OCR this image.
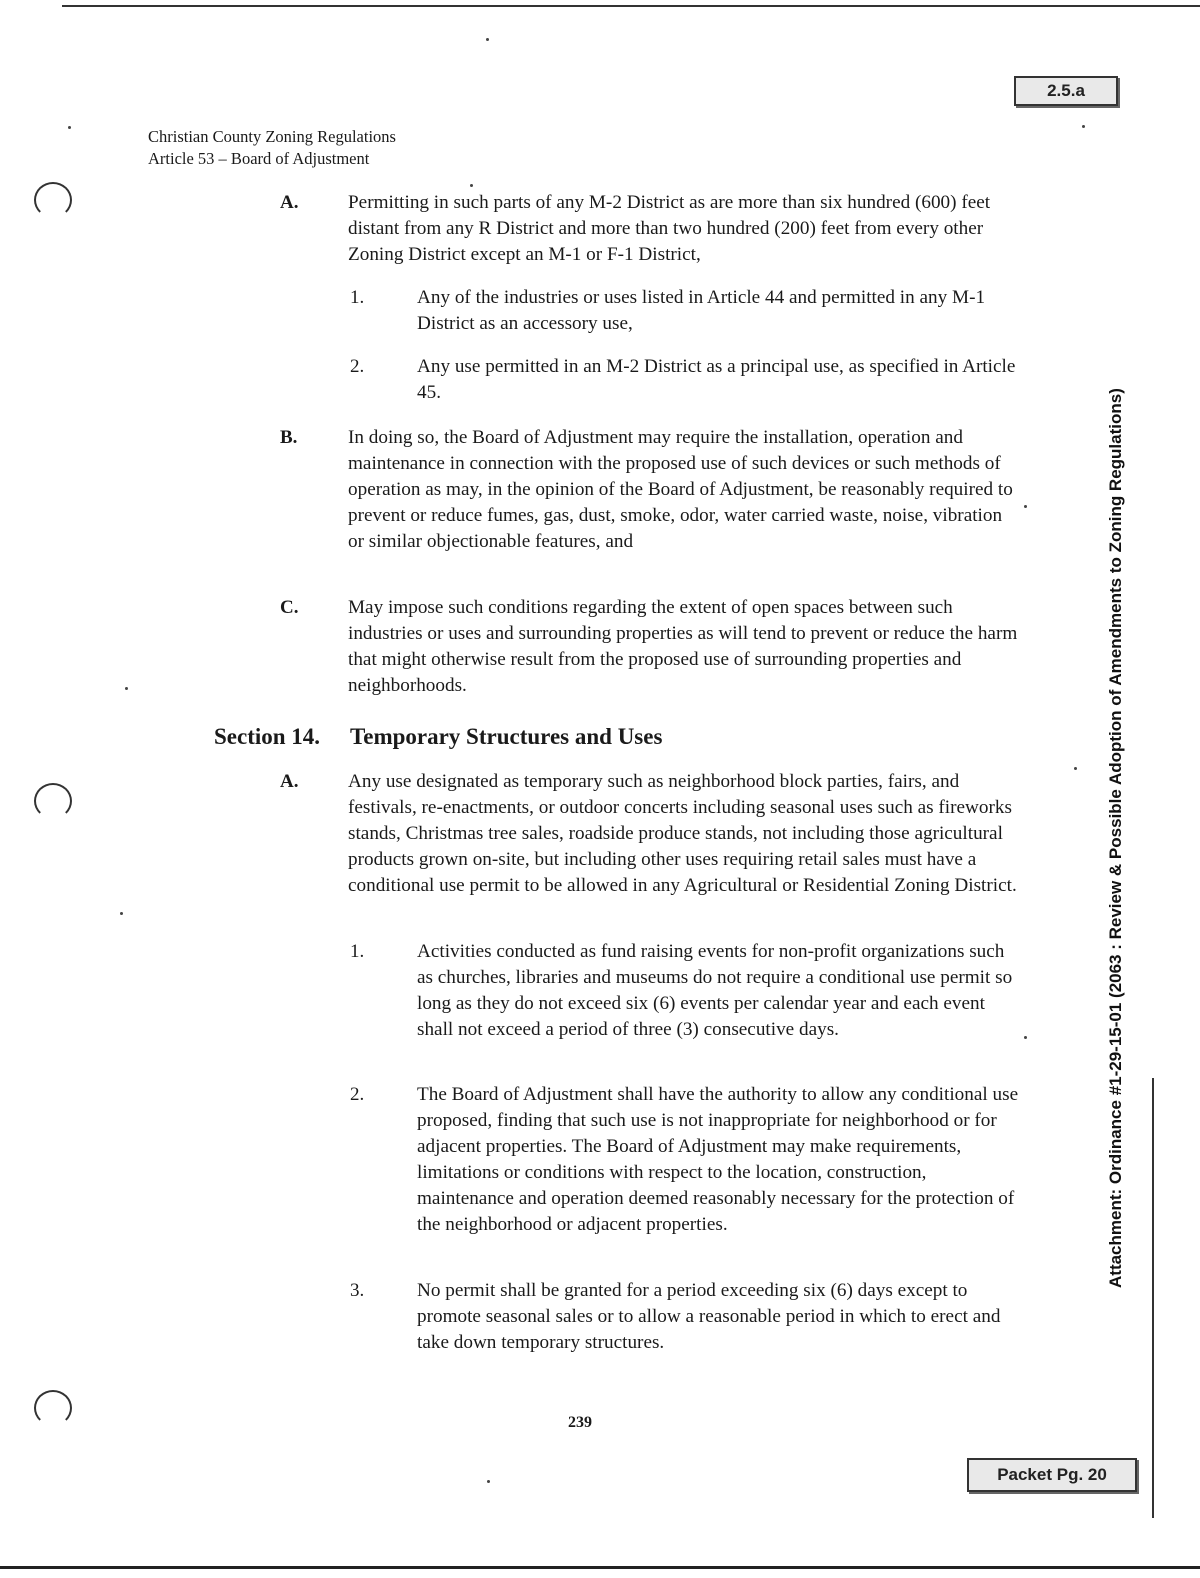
2.5.a
Attachment: Ordinance #1-29-15-01 (2063 : Review & Possible Adoption of Amendments to Zoning Regulations)
Christian County Zoning Regulations
Article 53 – Board of Adjustment
A.	Permitting in such parts of any M-2 District as are more than six hundred (600) feet distant from any R District and more than two hundred (200) feet from every other Zoning District except an M-1 or F-1 District,
1.	Any of the industries or uses listed in Article 44 and permitted in any M-1 District as an accessory use,
2.	Any use permitted in an M-2 District as a principal use, as specified in Article 45.
B.	In doing so, the Board of Adjustment may require the installation, operation and maintenance in connection with the proposed use of such devices or such methods of operation as may, in the opinion of the Board of Adjustment, be reasonably required to prevent or reduce fumes, gas, dust, smoke, odor, water carried waste, noise, vibration or similar objectionable features, and
C.	May impose such conditions regarding the extent of open spaces between such industries or uses and surrounding properties as will tend to prevent or reduce the harm that might otherwise result from the proposed use of surrounding properties and neighborhoods.
Section 14. Temporary Structures and Uses
A.	Any use designated as temporary such as neighborhood block parties, fairs, and festivals, re-enactments, or outdoor concerts including seasonal uses such as fireworks stands, Christmas tree sales, roadside produce stands, not including those agricultural products grown on-site, but including other uses requiring retail sales must have a conditional use permit to be allowed in any Agricultural or Residential Zoning District.
1.	Activities conducted as fund raising events for non-profit organizations such as churches, libraries and museums do not require a conditional use permit so long as they do not exceed six (6) events per calendar year and each event shall not exceed a period of three (3) consecutive days.
2.	The Board of Adjustment shall have the authority to allow any conditional use proposed, finding that such use is not inappropriate for neighborhood or for adjacent properties. The Board of Adjustment may make requirements, limitations or conditions with respect to the location, construction, maintenance and operation deemed reasonably necessary for the protection of the neighborhood or adjacent properties.
3.	No permit shall be granted for a period exceeding six (6) days except to promote seasonal sales or to allow a reasonable period in which to erect and take down temporary structures.
239
Packet Pg. 20
